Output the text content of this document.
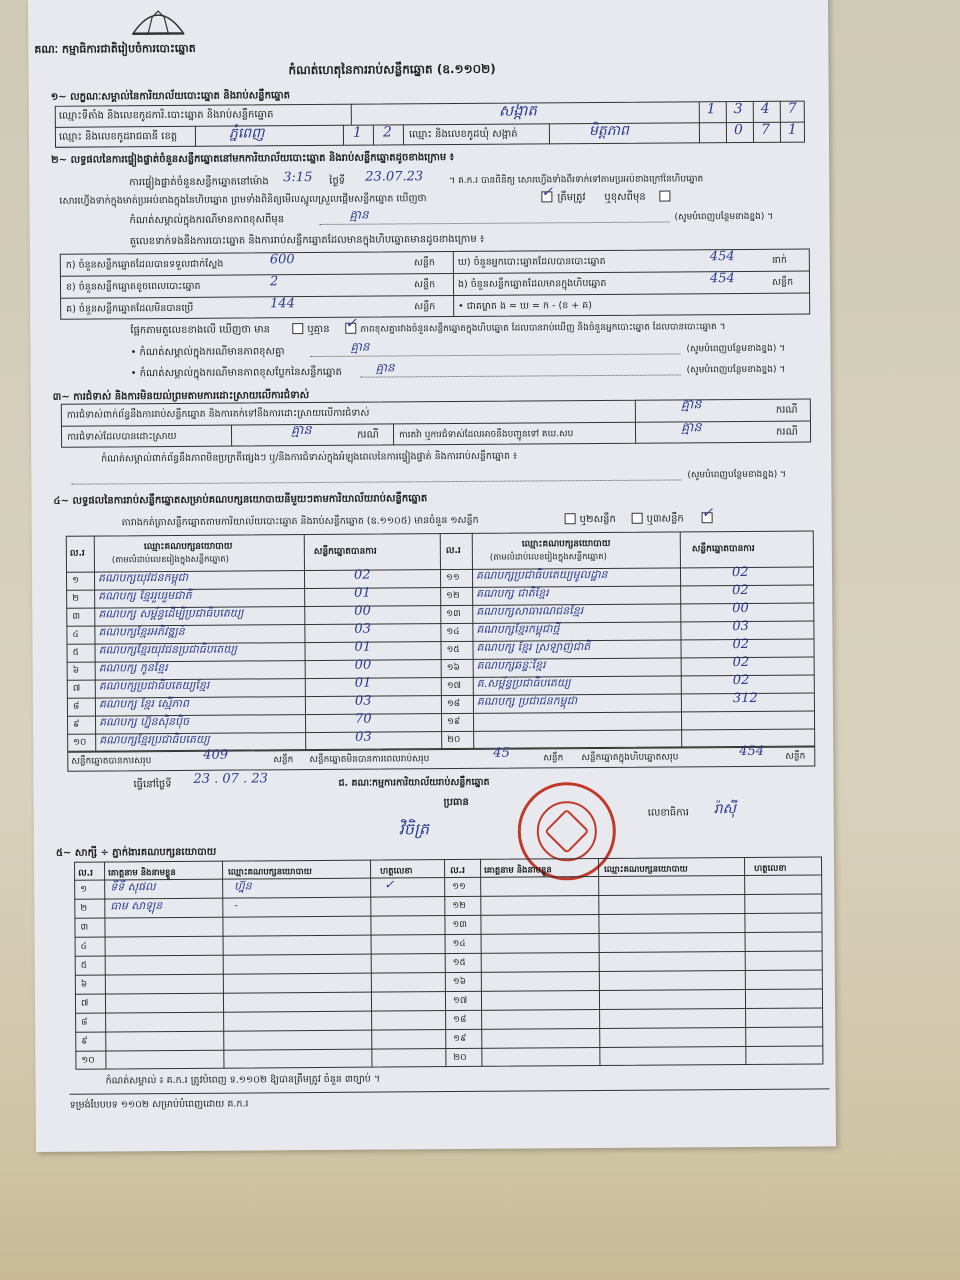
គណៈ កម្មាធិការជាតិរៀបចំការបោះឆ្នោត
កំណត់ហេតុនៃការរាប់សន្លឹកឆ្នោត (ឧ.១១០២)
១~ លក្ខណៈសម្គាល់នៃការិយាល័យបោះឆ្នោត និងរាប់សន្លឹកឆ្នោត
ឈ្មោះទីតាំង និងលេខកូដការិ.បោះឆ្នោត និងរាប់សន្លឹកឆ្នោត	សង្កាត	1 3 4 7
ឈ្មោះ និងលេខកូដរាជធានី ខេត្ត	ភ្នំពេញ	1 2 ឈ្មោះ និងលេខកូដឃុំ សង្កាត់	មិត្តភាព	0 7 1
២~ លទ្ធផលនៃការផ្ទៀងផ្ទាត់ចំនួនសន្លឹកឆ្នោតនៅមកការិយាល័យបោះឆ្នោត និងរាប់សន្លឹកឆ្នោតដូចខាងក្រោម ៖
ការផ្ទៀងផ្ទាត់ចំនួនសន្លឹកឆ្នោតនៅម៉ោង 3:15 ថ្ងៃទី 23.07.23	។ គ.ក.រ បានពិនិត្យ សោរហ្វើងទាំងពីរទាក់ទៅតាមប្រអប់ខាងក្រៅនៃហិបឆ្នោត
សោរហ្វើងទាក់ក្នុងមាត់ប្រអប់ខាងក្នុងនៃហិបឆ្នោត ព្រមទាំងពិនិត្យមើលស្នូលស្រួលផ្តើមសន្លឹកឆ្នោត ឃើញថា	✓ ត្រឹមត្រូវ ឬខុសពីមុន
កំណត់សម្គាល់ក្នុងករណីមានភាពខុសពីមុន	គ្មាន	(សូមបំពេញបន្ថែមខាងខ្នង) ។
តួលេខទាក់ទងនឹងការបោះឆ្នោត និងការរាប់សន្លឹកឆ្នោតដែលមានក្នុងហិបឆ្នោតមានដូចខាងក្រោម ៖
ក) ចំនួនសន្លឹកឆ្នោតដែលបានទទួលជាក់ស្ដែង	600	សន្លឹក ឃ) ចំនួនអ្នកបោះឆ្នោតដែលបានបោះឆ្នោត	454	នាក់
ខ) ចំនួនសន្លឹកឆ្នោតខូចពេលបោះឆ្នោត	2	សន្លឹក ង) ចំនួនសន្លឹកឆ្នោតដែលមានក្នុងហិបឆ្នោត	454	សន្លឹក
គ) ចំនួនសន្លឹកឆ្នោតដែលមិនបានប្រើ	144	សន្លឹក • ជាគម្លាត ង = ឃ = ក - (ខ + គ)
ផ្អែកតាមតួលេខខាងលើ ឃើញថា មាន	ឬគ្មាន ✓ ភាពខុសគ្នារវាងចំនួនសន្លឹកឆ្នោតក្នុងហិបឆ្នោត ដែលបានរាប់ឃើញ និងចំនួនអ្នកបោះឆ្នោត ដែលបានបោះឆ្នោត ។
• កំណត់សម្គាល់ក្នុងករណីមានភាពខុសគ្នា	គ្មាន	(សូមបំពេញបន្ថែមខាងខ្នង) ។
• កំណត់សម្គាល់ក្នុងករណីមានភាពខុសប្លែកនៃសន្លឹកឆ្នោត	គ្មាន	(សូមបំពេញបន្ថែមខាងខ្នង) ។
៣~ ការជំទាស់ និងការមិនយល់ព្រមតាមការដោះស្រាយលើការជំទាស់
ការជំទាស់ពាក់ព័ន្ធនឹងការរាប់សន្លឹកឆ្នោត និងការតក់ទៅនឹងការដោះស្រាយលើការជំទាស់
គ្មាន	ករណី
ការជំទាស់ដែលបានដោះស្រាយ	គ្មាន	ករណី ការតវ៉ា ឬការជំទាស់ដែលអាចនឹងបញ្ជូនទៅ គឃ.សប	គ្មាន	ករណី
កំណត់សម្គាល់ពាក់ព័ន្ធនឹងភាពមិនប្រក្រតីផ្សេងៗ ឬ/និងការជំទាស់ក្នុងអំឡុងពេលនៃការផ្ទៀងផ្ទាត់ និងការរាប់សន្លឹកឆ្នោត ៖
(សូមបំពេញបន្ថែមខាងខ្នង) ។
៤~ លទ្ធផលនៃការរាប់សន្លឹកឆ្នោតសម្រាប់គណបក្សនយោបាយនីមួយៗតាមការិយាល័យរាប់សន្លឹកឆ្នោត
តារាងកត់ត្រាសន្លឹកឆ្នោតតាមការិយាល័យបោះឆ្នោត និងរាប់សន្លឹកឆ្នោត (ឧ.១១០៥) មានចំនួន ១សន្លឹក	ឬ២សន្លឹក	ឬ៣សន្លឹក ✓
ល.រ
ឈ្មោះគណបក្សនយោបាយ
(តាមលំដាប់លេខរៀងក្នុងសន្លឹកឆ្នោត)
សន្លឹកឆ្នោតបានការ	ល.រ
ឈ្មោះគណបក្សនយោបាយ
(តាមលំដាប់លេខរៀងក្នុងសន្លឹកឆ្នោត)
សន្លឹកឆ្នោតបានការ
១ គណបក្សយុវជនកម្ពុជា	02	១១ គណបក្សប្រជាធិបតេយ្យមូលដ្ឋាន	02
២ គណបក្ស ខ្មែររួបរួមជាតិ	01	១២ គណបក្ស ជាតិខ្មែរ	02
៣ គណបក្ស សម្ព័ន្ធដើម្បីប្រជាធិបតេយ្យ	00	១៣ គណបក្សសាធារណជនខ្មែរ	00
៤ គណបក្សខ្មែរអភិវឌ្ឍន៍	03	១៤ គណបក្សខ្មែរកម្ពុជាថ្មី	03
៥ គណបក្សខ្មែរយុវជនប្រជាធិបតេយ្យ	01	១៥ គណបក្ស ខ្មែរ ស្រឡាញ់ជាតិ	02
៦ គណបក្ស កូនខ្មែរ	00	១៦ គណបក្សឆន្ទៈខ្មែរ	02
៧ គណបក្សប្រជាធិបតេយ្យខ្មែរ	01	១៧ គ.សម្ព័ន្ធប្រជាធិបតេយ្យ	02
៨ គណបក្ស ខ្មែរ ស្មើភាព	03	១៨ គណបក្ស ប្រជាជនកម្ពុជា	312
៩ គណបក្ស ហ្វ៊ុនស៊ិនប៉ិច	70	១៩
១០ គណបក្សខ្មែរប្រជាធិបតេយ្យ	03	២០
សន្លឹកឆ្នោតបានការសរុប	409	សន្លឹក សន្លឹកឆ្នោតមិនបានការពេលរាប់សរុប	45	សន្លឹក សន្លឹកឆ្នោតក្នុងហិបឆ្នោតសរុប	454 សន្លឹក
ធ្វើនៅថ្ងៃទី 23 . 07 . 23	ជ. គណៈកម្មការការិយាល័យរាប់សន្លឹកឆ្នោត
ប្រធាន
លេខាធិការ
វិចិត្រ
រ៉ាស៊ី
៥~ សាក្សី ÷ ភ្នាក់ងារគណបក្សនយោបាយ
ល.រ គោត្តនាម និងនាមខ្លួន	ឈ្មោះគណបក្សនយោបាយ	ហត្ថលេខា	ល.រ គោត្តនាម និងនាមខ្លួន	ឈ្មោះគណបក្សនយោបាយ	ហត្ថលេខា
១ ទីទី សុផល	ហ្វ៊ុន	✓	១១
២ ធាម សាឡុន	-	១២
៣	១៣
៤	១៤
៥	១៥
៦	១៦
៧	១៧
៨	១៨
៩	១៩
១០	២០
កំណត់សម្គាល់ ៖ គ.ក.រ ត្រូវបំពេញ ទ.១១០២ ឱ្យបានត្រឹមត្រូវ ចំនួន ៣ច្បាប់ ។
ទម្រង់បែបបទ ១១០២ សម្រាប់បំពេញដោយ គ.ក.រ
